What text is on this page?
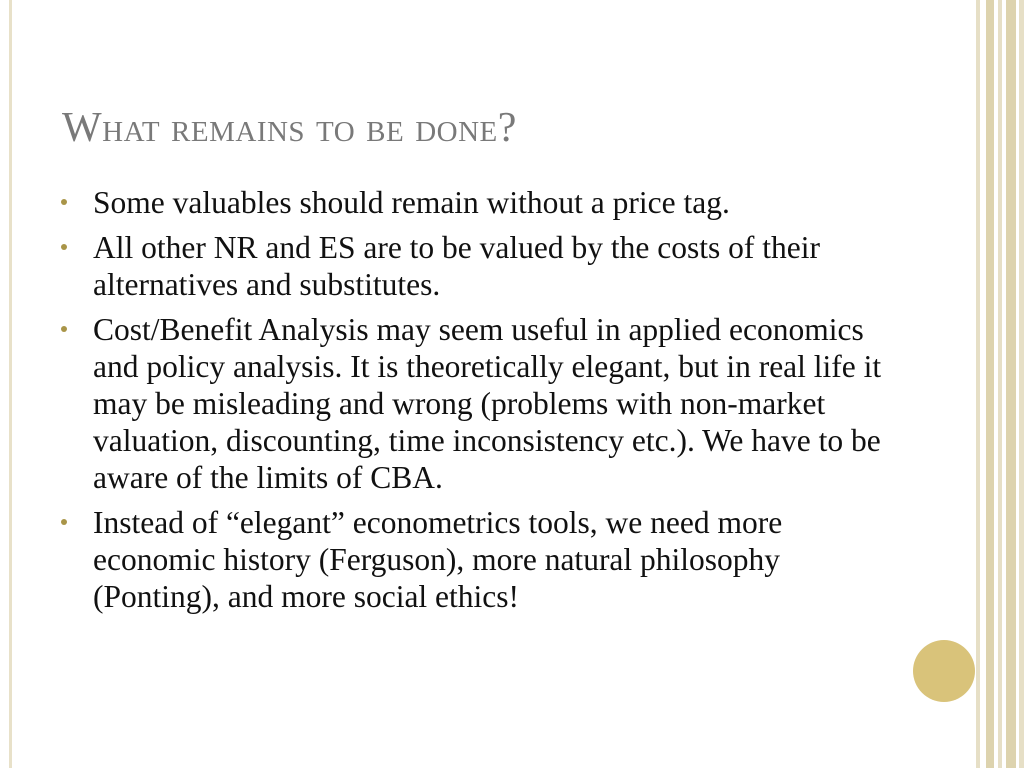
What remains to be done?
Some valuables should remain without a price tag.
All other NR and ES are to be valued by the costs of their alternatives and substitutes.
Cost/Benefit Analysis may seem useful in applied economics and policy analysis. It is theoretically elegant, but in real life it may be misleading and wrong (problems with non-market valuation, discounting, time inconsistency etc.). We have to be aware of the limits of CBA.
Instead of “elegant” econometrics tools, we need more economic history (Ferguson), more natural philosophy (Ponting), and more social ethics!
